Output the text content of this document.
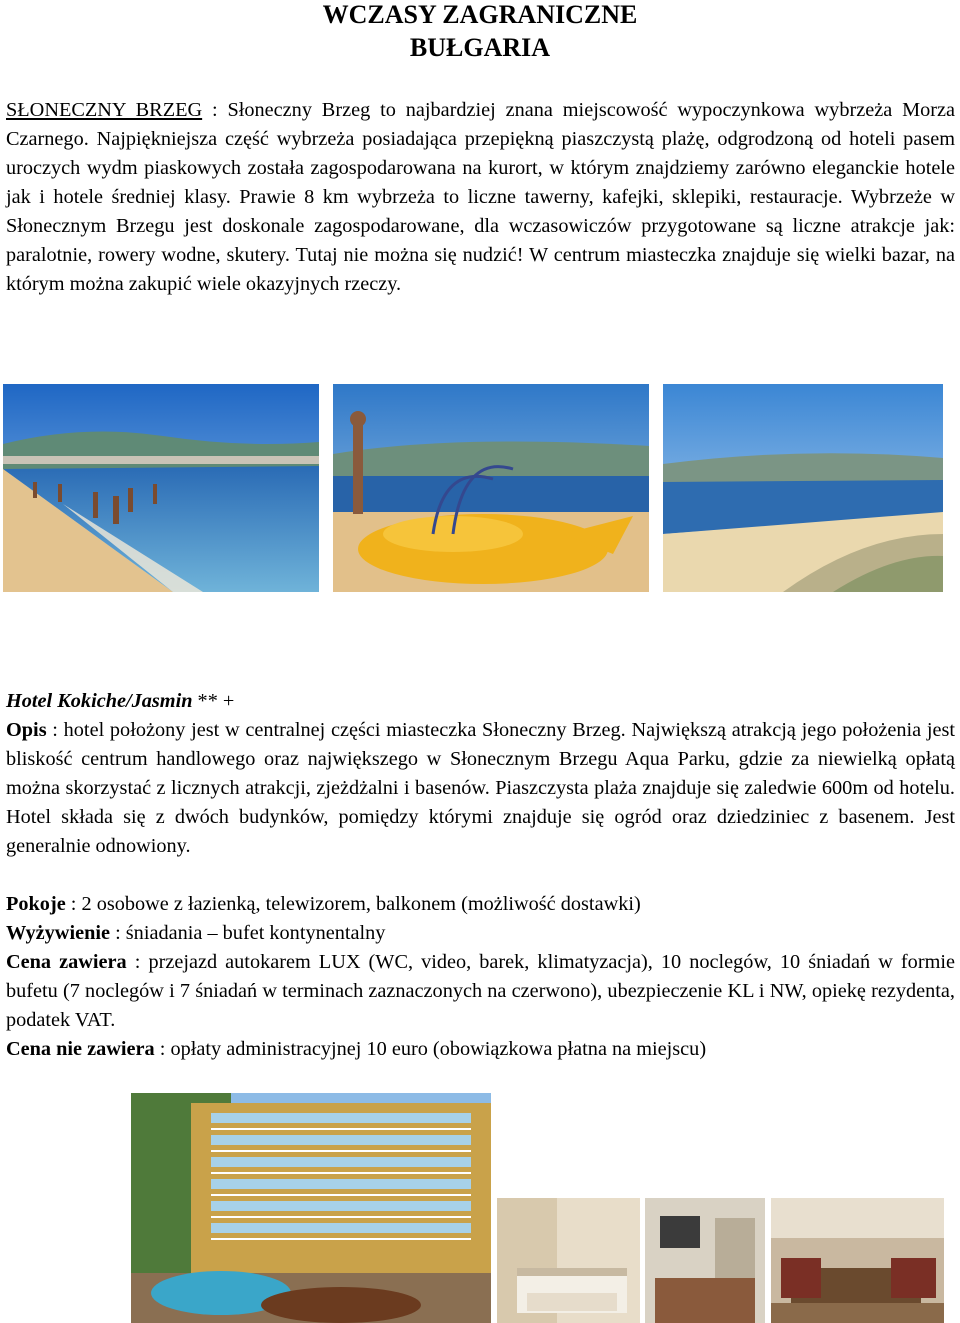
WCZASY ZAGRANICZNE
BUŁGARIA

SŁONECZNY BRZEG : Słoneczny Brzeg to najbardziej znana miejscowość wypoczynkowa wybrzeża Morza Czarnego. Najpiękniejsza część wybrzeża posiadająca przepiękną piaszczystą plażę, odgrodzoną od hoteli pasem uroczych wydm piaskowych została zagospodarowana na kurort, w którym znajdziemy zarówno eleganckie hotele jak i hotele średniej klasy. Prawie 8 km wybrzeża to liczne tawerny, kafejki, sklepiki, restauracje. Wybrzeże w Słonecznym Brzegu jest doskonale zagospodarowane, dla wczasowiczów przygotowane są liczne atrakcje jak: paralotnie, rowery wodne, skutery. Tutaj nie można się nudzić! W centrum miasteczka znajduje się wielki bazar, na którym można zakupić wiele okazyjnych rzeczy.

Hotel Kokiche/Jasmin ** +

Opis : hotel położony jest w centralnej części miasteczka Słoneczny Brzeg. Największą atrakcją jego położenia jest bliskość centrum handlowego oraz największego w Słonecznym Brzegu Aqua Parku, gdzie za niewielką opłatą można skorzystać z licznych atrakcji, zjeżdżalni i basenów. Piaszczysta plaża znajduje się zaledwie 600m od hotelu. Hotel składa się z dwóch budynków, pomiędzy którymi znajduje się ogród oraz dziedziniec z basenem. Jest generalnie odnowiony.

Pokoje : 2 osobowe z łazienką, telewizorem, balkonem (możliwość dostawki)

Wyżywienie : śniadania – bufet kontynentalny

Cena zawiera : przejazd autokarem LUX (WC, video, barek, klimatyzacja), 10 noclegów, 10 śniadań w formie bufetu (7 noclegów i 7 śniadań w terminach zaznaczonych na czerwono), ubezpieczenie KL i NW, opiekę rezydenta, podatek VAT.

Cena nie zawiera : opłaty administracyjnej 10 euro (obowiązkowa płatna na miejscu)
